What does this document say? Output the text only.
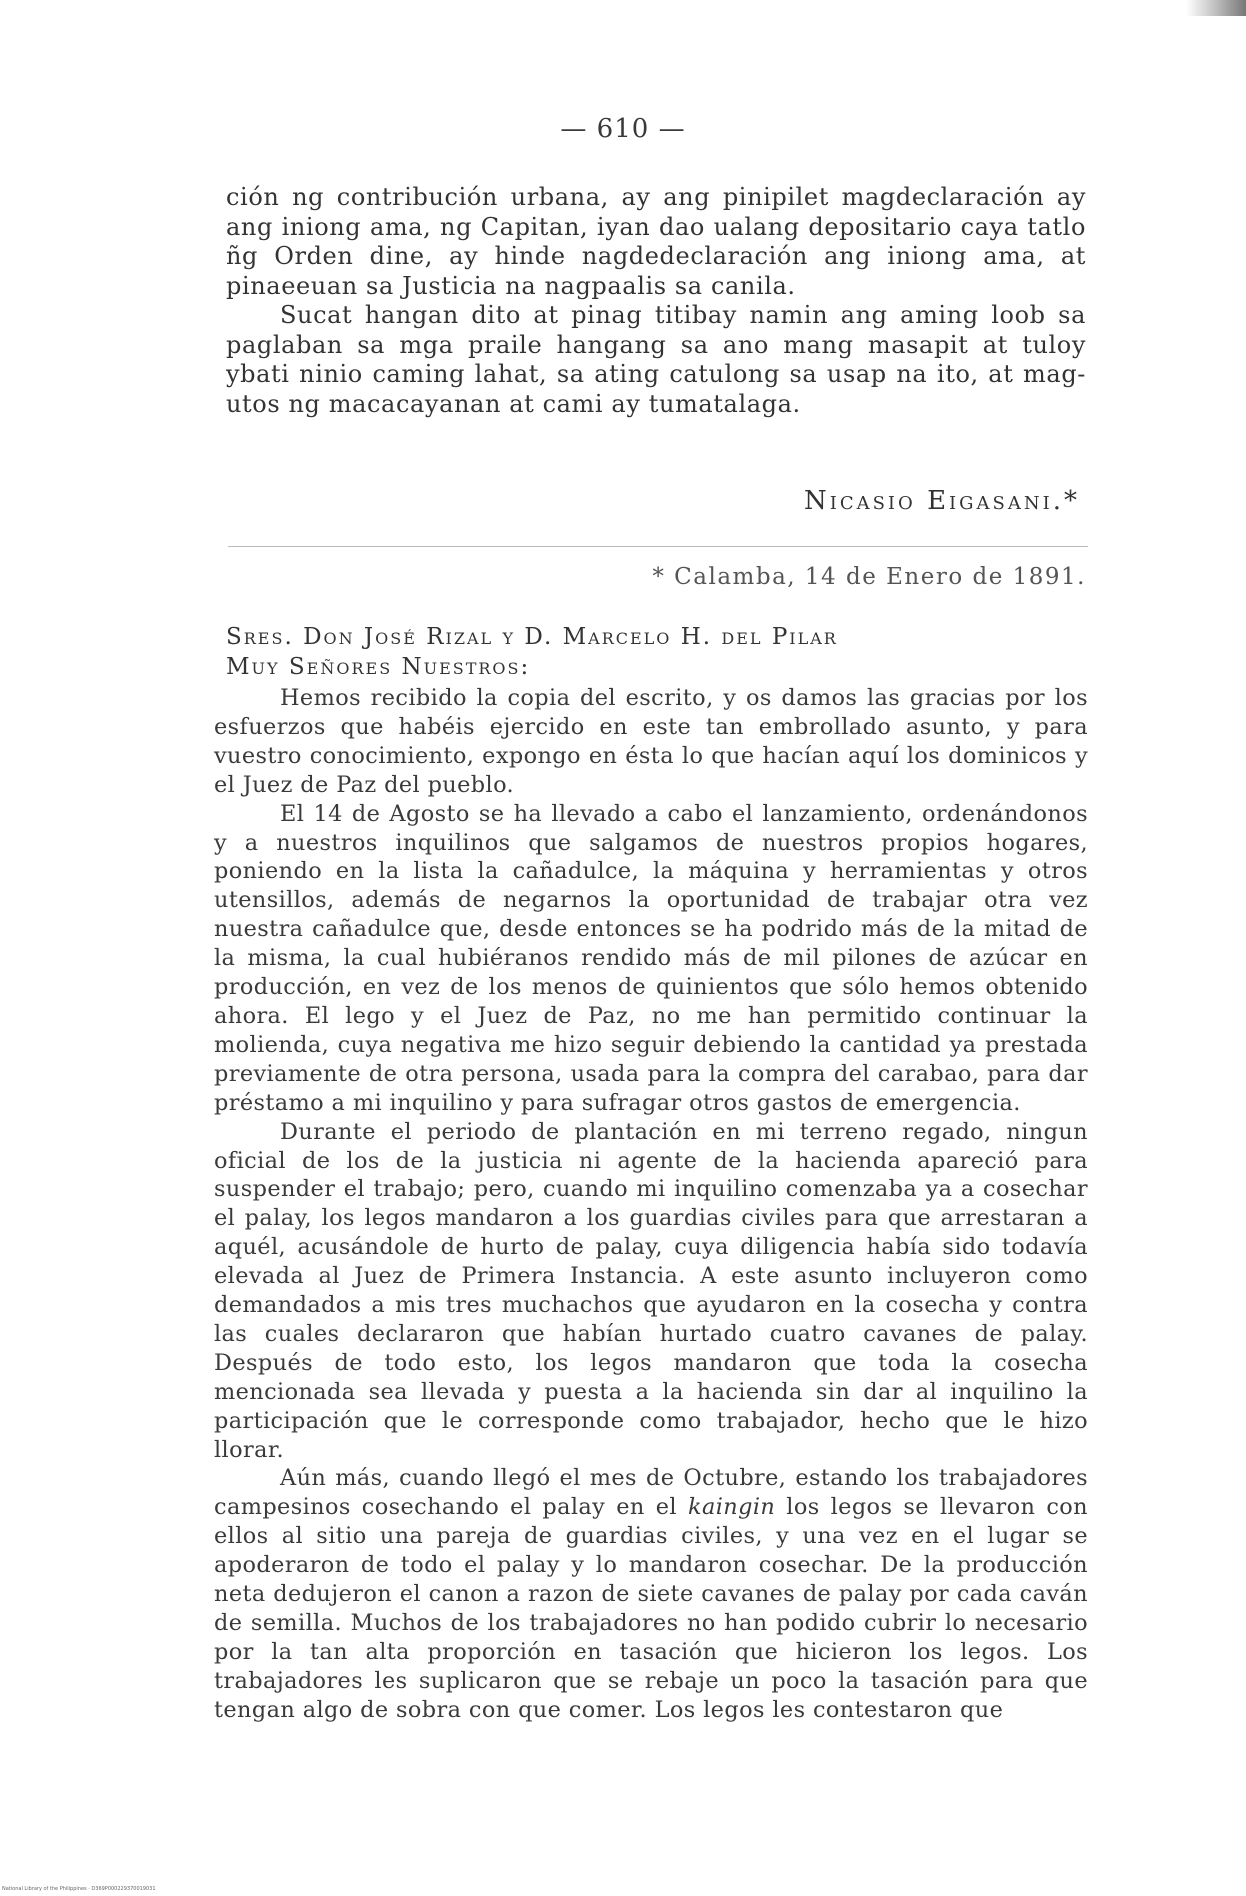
— 610 —

ción ng contribución urbana, ay ang pinipilet magdeclaración ay ang iniong ama, ng Capitan, iyan dao ualang depositario caya tatlo ñg Orden dine, ay hinde nagdedeclaración ang iniong ama, at pinaeeuan sa Justicia na nagpaalis sa canila.

Sucat hangan dito at pinag titibay namin ang aming loob sa paglaban sa mga praile hangang sa ano mang masapit at tuloy ybati ninio caming lahat, sa ating catulong sa usap na ito, at mag-utos ng macacayanan at cami ay tumatalaga.

Nicasio Eigasani.*
* Calamba, 14 de Enero de 1891.
Sres. Don José Rizal y D. Marcelo H. del Pilar
Muy Señores Nuestros:

Hemos recibido la copia del escrito, y os damos las gracias por los esfuerzos que habéis ejercido en este tan embrollado asunto, y para vuestro conocimiento, expongo en ésta lo que hacían aquí los dominicos y el Juez de Paz del pueblo.

El 14 de Agosto se ha llevado a cabo el lanzamiento, ordenándonos y a nuestros inquilinos que salgamos de nuestros propios hogares, poniendo en la lista la cañadulce, la máquina y herramientas y otros utensillos, además de negarnos la oportunidad de trabajar otra vez nuestra cañadulce que, desde entonces se ha podrido más de la mitad de la misma, la cual hubiéranos rendido más de mil pilones de azúcar en producción, en vez de los menos de quinientos que sólo hemos obtenido ahora. El lego y el Juez de Paz, no me han permitido continuar la molienda, cuya negativa me hizo seguir debiendo la cantidad ya prestada previamente de otra persona, usada para la compra del carabao, para dar préstamo a mi inquilino y para sufragar otros gastos de emergencia.

Durante el periodo de plantación en mi terreno regado, ningun oficial de los de la justicia ni agente de la hacienda apareció para suspender el trabajo; pero, cuando mi inquilino comenzaba ya a cosechar el palay, los legos mandaron a los guardias civiles para que arrestaran a aquél, acusándole de hurto de palay, cuya diligencia había sido todavía elevada al Juez de Primera Instancia. A este asunto incluyeron como demandados a mis tres muchachos que ayudaron en la cosecha y contra las cuales declararon que habían hurtado cuatro cavanes de palay. Después de todo esto, los legos mandaron que toda la cosecha mencionada sea llevada y puesta a la hacienda sin dar al inquilino la participación que le corresponde como trabajador, hecho que le hizo llorar.

Aún más, cuando llegó el mes de Octubre, estando los trabajadores campesinos cosechando el palay en el kaingin los legos se llevaron con ellos al sitio una pareja de guardias civiles, y una vez en el lugar se apoderaron de todo el palay y lo mandaron cosechar. De la producción neta dedujeron el canon a razon de siete cavanes de palay por cada caván de semilla. Muchos de los trabajadores no han podido cubrir lo necesario por la tan alta proporción en tasación que hicieron los legos. Los trabajadores les suplicaron que se rebaje un poco la tasación para que tengan algo de sobra con que comer. Los legos les contestaron que

National Library of the Philippines · D369P000229370019031
